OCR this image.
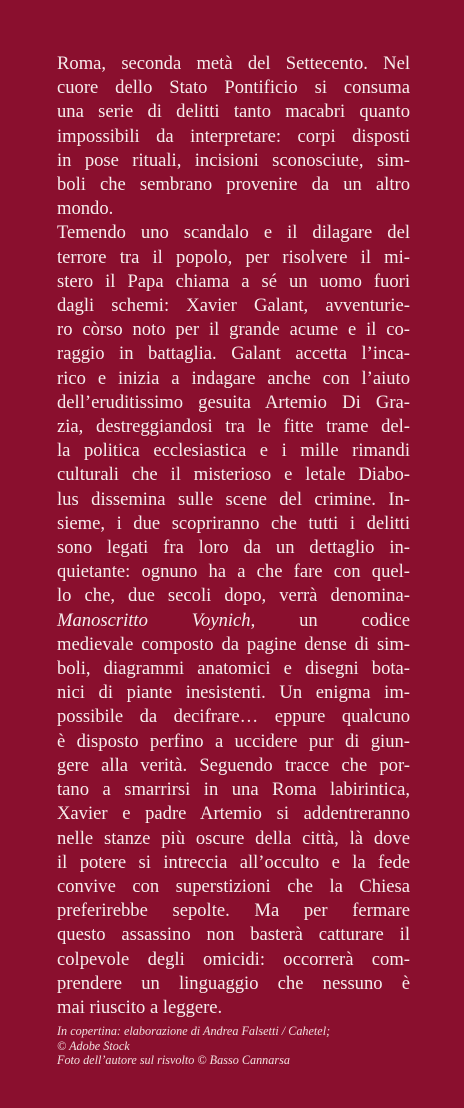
Roma, seconda metà del Settecento. Nel
cuore dello Stato Pontificio si consuma
una serie di delitti tanto macabri quanto
impossibili da interpretare: corpi disposti
in pose rituali, incisioni sconosciute, sim-
boli che sembrano provenire da un altro
mondo.

Temendo uno scandalo e il dilagare del
terrore tra il popolo, per risolvere il mi-
stero il Papa chiama a sé un uomo fuori
dagli schemi: Xavier Galant, avventurie-
ro còrso noto per il grande acume e il co-
raggio in battaglia. Galant accetta l’inca-
rico e inizia a indagare anche con l’aiuto
dell’eruditissimo gesuita Artemio Di Gra-
zia, destreggiandosi tra le fitte trame del-
la politica ecclesiastica e i mille rimandi
culturali che il misterioso e letale Diabo-
lus dissemina sulle scene del crimine. In-
sieme, i due scopriranno che tutti i delitti
sono legati fra loro da un dettaglio in-
quietante: ognuno ha a che fare con quel-
lo che, due secoli dopo, verrà denomina-
Manoscritto Voynich, un codice
medievale composto da pagine dense di sim-
boli, diagrammi anatomici e disegni bota-
nici di piante inesistenti. Un enigma im-
possibile da decifrare… eppure qualcuno
è disposto perfino a uccidere pur di giun-
gere alla verità. Seguendo tracce che por-
tano a smarrirsi in una Roma labirintica,
Xavier e padre Artemio si addentreranno
nelle stanze più oscure della città, là dove
il potere si intreccia all’occulto e la fede
convive con superstizioni che la Chiesa
preferirebbe sepolte. Ma per fermare
questo assassino non basterà catturare il
colpevole degli omicidi: occorrerà com-
prendere un linguaggio che nessuno è
mai riuscito a leggere.

In copertina: elaborazione di Andrea Falsetti / Cahetel;
© Adobe Stock
Foto dell’autore sul risvolto © Basso Cannarsa
